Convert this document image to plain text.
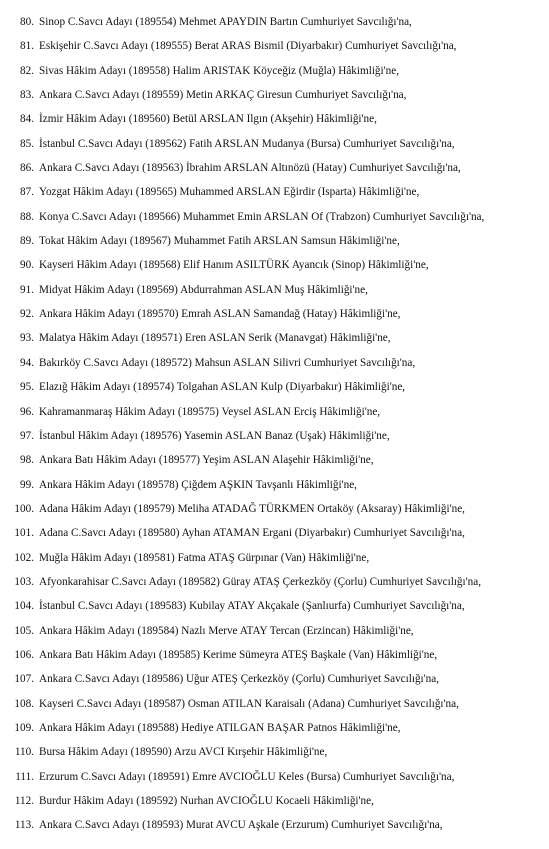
80. Sinop C.Savcı Adayı (189554) Mehmet APAYDIN Bartın Cumhuriyet Savcılığı'na,
81. Eskişehir C.Savcı Adayı (189555) Berat ARAS Bismil (Diyarbakır) Cumhuriyet Savcılığı'na,
82. Sivas Hâkim Adayı (189558) Halim ARISTAK Köyceğiz (Muğla) Hâkimliği'ne,
83. Ankara C.Savcı Adayı (189559) Metin ARKAÇ Giresun Cumhuriyet Savcılığı'na,
84. İzmir Hâkim Adayı (189560) Betül ARSLAN Ilgın (Akşehir) Hâkimliği'ne,
85. İstanbul C.Savcı Adayı (189562) Fatih ARSLAN Mudanya (Bursa) Cumhuriyet Savcılığı'na,
86. Ankara C.Savcı Adayı (189563) İbrahim ARSLAN Altınözü (Hatay) Cumhuriyet Savcılığı'na,
87. Yozgat Hâkim Adayı (189565) Muhammed ARSLAN Eğirdir (Isparta) Hâkimliği'ne,
88. Konya C.Savcı Adayı (189566) Muhammet Emin ARSLAN Of (Trabzon) Cumhuriyet Savcılığı'na,
89. Tokat Hâkim Adayı (189567) Muhammet Fatih ARSLAN Samsun Hâkimliği'ne,
90. Kayseri Hâkim Adayı (189568) Elif Hanım ASILTÜRK Ayancık (Sinop) Hâkimliği'ne,
91. Midyat Hâkim Adayı (189569) Abdurrahman ASLAN Muş Hâkimliği'ne,
92. Ankara Hâkim Adayı (189570) Emrah ASLAN Samandağ (Hatay) Hâkimliği'ne,
93. Malatya Hâkim Adayı (189571) Eren ASLAN Serik (Manavgat) Hâkimliği'ne,
94. Bakırköy C.Savcı Adayı (189572) Mahsun ASLAN Silivri Cumhuriyet Savcılığı'na,
95. Elazığ Hâkim Adayı (189574) Tolgahan ASLAN Kulp (Diyarbakır) Hâkimliği'ne,
96. Kahramanmaraş Hâkim Adayı (189575) Veysel ASLAN Erciş Hâkimliği'ne,
97. İstanbul Hâkim Adayı (189576) Yasemin ASLAN Banaz (Uşak) Hâkimliği'ne,
98. Ankara Batı Hâkim Adayı (189577) Yeşim ASLAN Alaşehir Hâkimliği'ne,
99. Ankara Hâkim Adayı (189578) Çiğdem AŞKIN Tavşanlı Hâkimliği'ne,
100. Adana Hâkim Adayı (189579) Meliha ATADAĞ TÜRKMEN Ortaköy (Aksaray) Hâkimliği'ne,
101. Adana C.Savcı Adayı (189580) Ayhan ATAMAN Ergani (Diyarbakır) Cumhuriyet Savcılığı'na,
102. Muğla Hâkim Adayı (189581) Fatma ATAŞ Gürpınar (Van) Hâkimliği'ne,
103. Afyonkarahisar C.Savcı Adayı (189582) Güray ATAŞ Çerkezköy (Çorlu) Cumhuriyet Savcılığı'na,
104. İstanbul C.Savcı Adayı (189583) Kubilay ATAY Akçakale (Şanlıurfa) Cumhuriyet Savcılığı'na,
105. Ankara Hâkim Adayı (189584) Nazlı Merve ATAY Tercan (Erzincan) Hâkimliği'ne,
106. Ankara Batı Hâkim Adayı (189585) Kerime Sümeyra ATEŞ Başkale (Van) Hâkimliği'ne,
107. Ankara C.Savcı Adayı (189586) Uğur ATEŞ Çerkezköy (Çorlu) Cumhuriyet Savcılığı'na,
108. Kayseri C.Savcı Adayı (189587) Osman ATILAN Karaisalı (Adana) Cumhuriyet Savcılığı'na,
109. Ankara Hâkim Adayı (189588) Hediye ATILGAN BAŞAR Patnos Hâkimliği'ne,
110. Bursa Hâkim Adayı (189590) Arzu AVCI Kırşehir Hâkimliği'ne,
111. Erzurum C.Savcı Adayı (189591) Emre AVCIOĞLU Keles (Bursa) Cumhuriyet Savcılığı'na,
112. Burdur Hâkim Adayı (189592) Nurhan AVCIOĞLU Kocaeli Hâkimliği'ne,
113. Ankara C.Savcı Adayı (189593) Murat AVCU Aşkale (Erzurum) Cumhuriyet Savcılığı'na,
